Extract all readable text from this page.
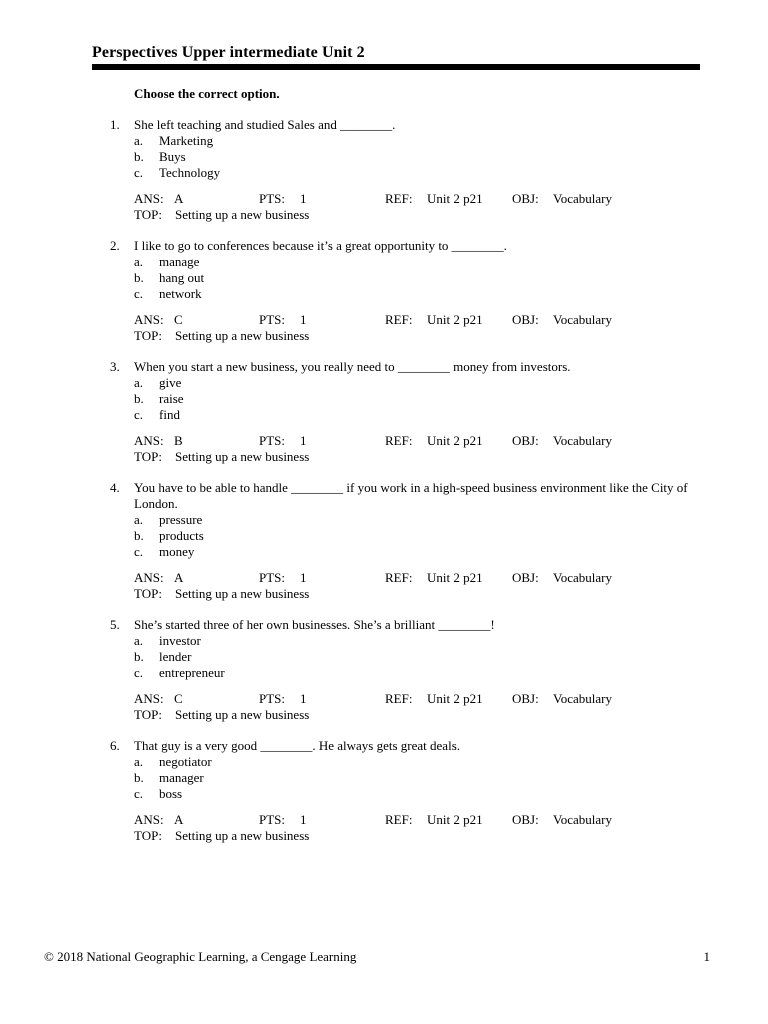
Perspectives Upper intermediate Unit 2
Choose the correct option.
1. She left teaching and studied Sales and ________.
a. Marketing
b. Buys
c. Technology
ANS: A	PTS: 1	REF: Unit 2 p21 OBJ: Vocabulary
TOP: Setting up a new business
2. I like to go to conferences because it’s a great opportunity to ________.
a. manage
b. hang out
c. network
ANS: C	PTS: 1	REF: Unit 2 p21 OBJ: Vocabulary
TOP: Setting up a new business
3. When you start a new business, you really need to ________ money from investors.
a. give
b. raise
c. find
ANS: B	PTS: 1	REF: Unit 2 p21 OBJ: Vocabulary
TOP: Setting up a new business
4. You have to be able to handle ________ if you work in a high-speed business environment like the City of London.
a. pressure
b. products
c. money
ANS: A	PTS: 1	REF: Unit 2 p21 OBJ: Vocabulary
TOP: Setting up a new business
5. She’s started three of her own businesses. She’s a brilliant ________!
a. investor
b. lender
c. entrepreneur
ANS: C	PTS: 1	REF: Unit 2 p21 OBJ: Vocabulary
TOP: Setting up a new business
6. That guy is a very good ________. He always gets great deals.
a. negotiator
b. manager
c. boss
ANS: A	PTS: 1	REF: Unit 2 p21 OBJ: Vocabulary
TOP: Setting up a new business
© 2018 National Geographic Learning, a Cengage Learning	1
